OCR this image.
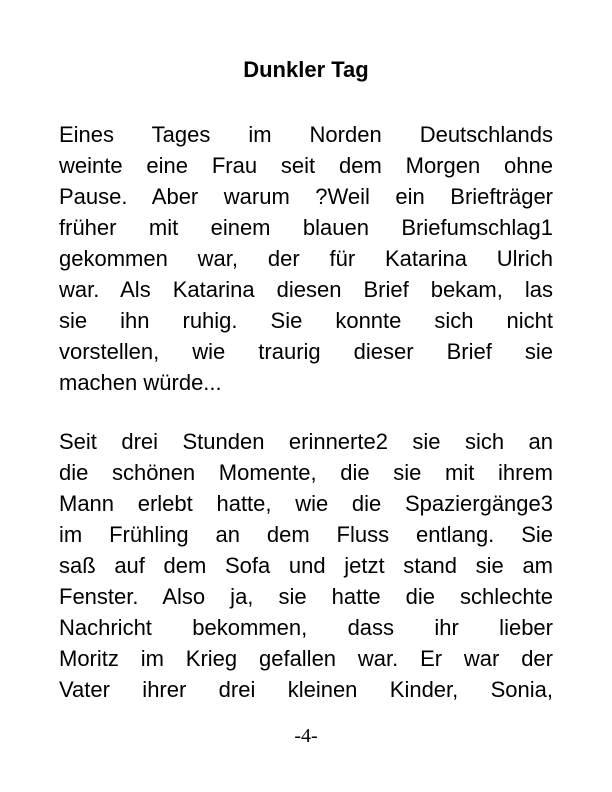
Dunkler Tag
Eines Tages im Norden Deutschlands
weinte eine Frau seit dem Morgen ohne
Pause. Aber warum ?Weil ein Briefträger
früher mit einem blauen Briefumschlag1
gekommen war, der für Katarina Ulrich
war. Als Katarina diesen Brief bekam, las
sie ihn ruhig. Sie konnte sich nicht
vorstellen, wie traurig dieser Brief sie
machen würde...
Seit drei Stunden erinnerte2 sie sich an
die schönen Momente, die sie mit ihrem
Mann erlebt hatte, wie die Spaziergänge3
im Frühling an dem Fluss entlang. Sie
saß auf dem Sofa und jetzt stand sie am
Fenster. Also ja, sie hatte die schlechte
Nachricht bekommen, dass ihr lieber
Moritz im Krieg gefallen war. Er war der
Vater ihrer drei kleinen Kinder, Sonia,
-4-
